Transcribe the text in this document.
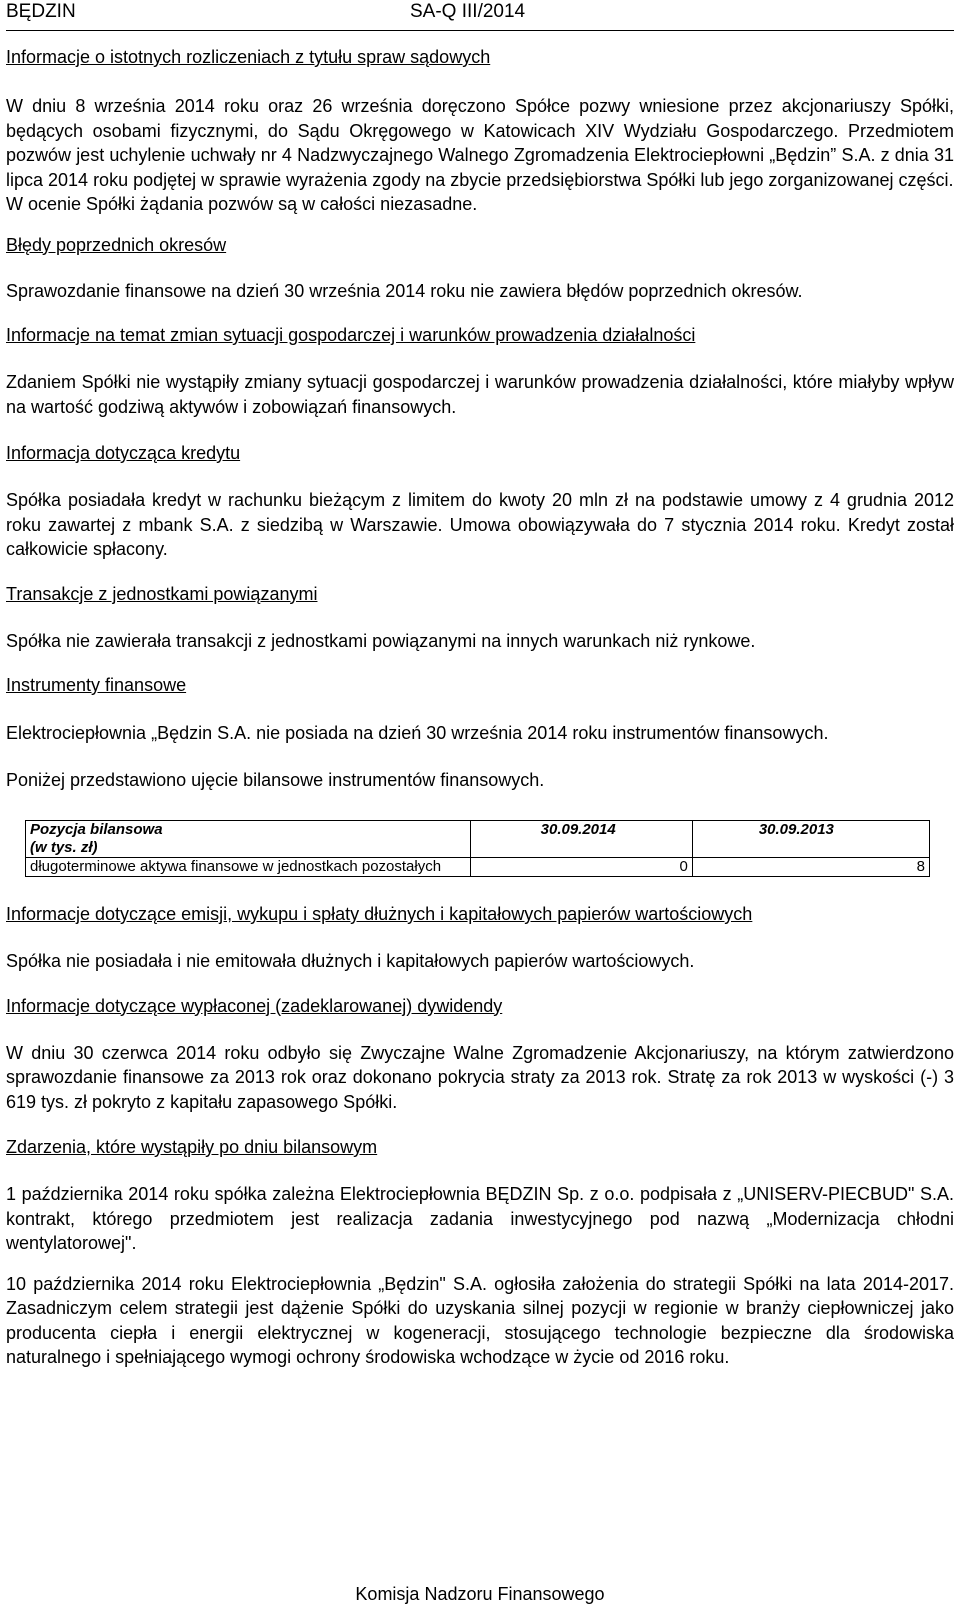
BĘDZIN	SA-Q III/2014
Informacje o istotnych rozliczeniach z tytułu spraw sądowych

W dniu 8 września 2014 roku oraz 26 września doręczono Spółce pozwy wniesione przez akcjonariuszy Spółki, będących osobami fizycznymi, do Sądu Okręgowego w Katowicach XIV Wydziału Gospodarczego. Przedmiotem pozwów jest uchylenie uchwały nr 4 Nadzwyczajnego Walnego Zgromadzenia Elektrociepłowni „Będzin” S.A. z dnia 31 lipca 2014 roku podjętej w sprawie wyrażenia zgody na zbycie przedsiębiorstwa Spółki lub jego zorganizowanej części.

W ocenie Spółki żądania pozwów są w całości niezasadne.

Błędy poprzednich okresów

Sprawozdanie finansowe na dzień 30 września 2014 roku nie zawiera błędów poprzednich okresów.

Informacje na temat zmian sytuacji gospodarczej i warunków prowadzenia działalności

Zdaniem Spółki nie wystąpiły zmiany sytuacji gospodarczej i warunków prowadzenia działalności, które miałyby wpływ na wartość godziwą aktywów i zobowiązań finansowych.

Informacja dotycząca kredytu

Spółka posiadała kredyt w rachunku bieżącym z limitem do kwoty 20 mln zł na podstawie umowy z 4 grudnia 2012 roku zawartej z mbank S.A. z siedzibą w Warszawie. Umowa obowiązywała do 7 stycznia 2014 roku. Kredyt został całkowicie spłacony.

Transakcje z jednostkami powiązanymi

Spółka nie zawierała transakcji z jednostkami powiązanymi na innych warunkach niż rynkowe.

Instrumenty finansowe

Elektrociepłownia „Będzin S.A. nie posiada na dzień 30 września 2014 roku instrumentów finansowych.

Poniżej przedstawiono ujęcie bilansowe instrumentów finansowych.

Pozycja bilansowa
(w tys. zł)	30.09.2014	30.09.2013
długoterminowe aktywa finansowe w jednostkach pozostałych	0	8
Informacje dotyczące emisji, wykupu i spłaty dłużnych i kapitałowych papierów wartościowych

Spółka nie posiadała i nie emitowała dłużnych i kapitałowych papierów wartościowych.

Informacje dotyczące wypłaconej (zadeklarowanej) dywidendy

W dniu 30 czerwca 2014 roku odbyło się Zwyczajne Walne Zgromadzenie Akcjonariuszy, na którym zatwierdzono sprawozdanie finansowe za 2013 rok oraz dokonano pokrycia straty za 2013 rok. Stratę za rok 2013 w wyskości (-) 3 619 tys. zł pokryto z kapitału zapasowego Spółki.

Zdarzenia, które wystąpiły po dniu bilansowym

1 października 2014 roku spółka zależna Elektrociepłownia BĘDZIN Sp. z o.o. podpisała z „UNISERV-PIECBUD" S.A. kontrakt, którego przedmiotem jest realizacja zadania inwestycyjnego pod nazwą „Modernizacja chłodni wentylatorowej".

10 października 2014 roku Elektrociepłownia „Będzin" S.A. ogłosiła założenia do strategii Spółki na lata 2014-2017. Zasadniczym celem strategii jest dążenie Spółki do uzyskania silnej pozycji w regionie w branży ciepłowniczej jako producenta ciepła i energii elektrycznej w kogeneracji, stosującego technologie bezpieczne dla środowiska naturalnego i spełniającego wymogi ochrony środowiska wchodzące w życie od 2016 roku.

Komisja Nadzoru Finansowego
